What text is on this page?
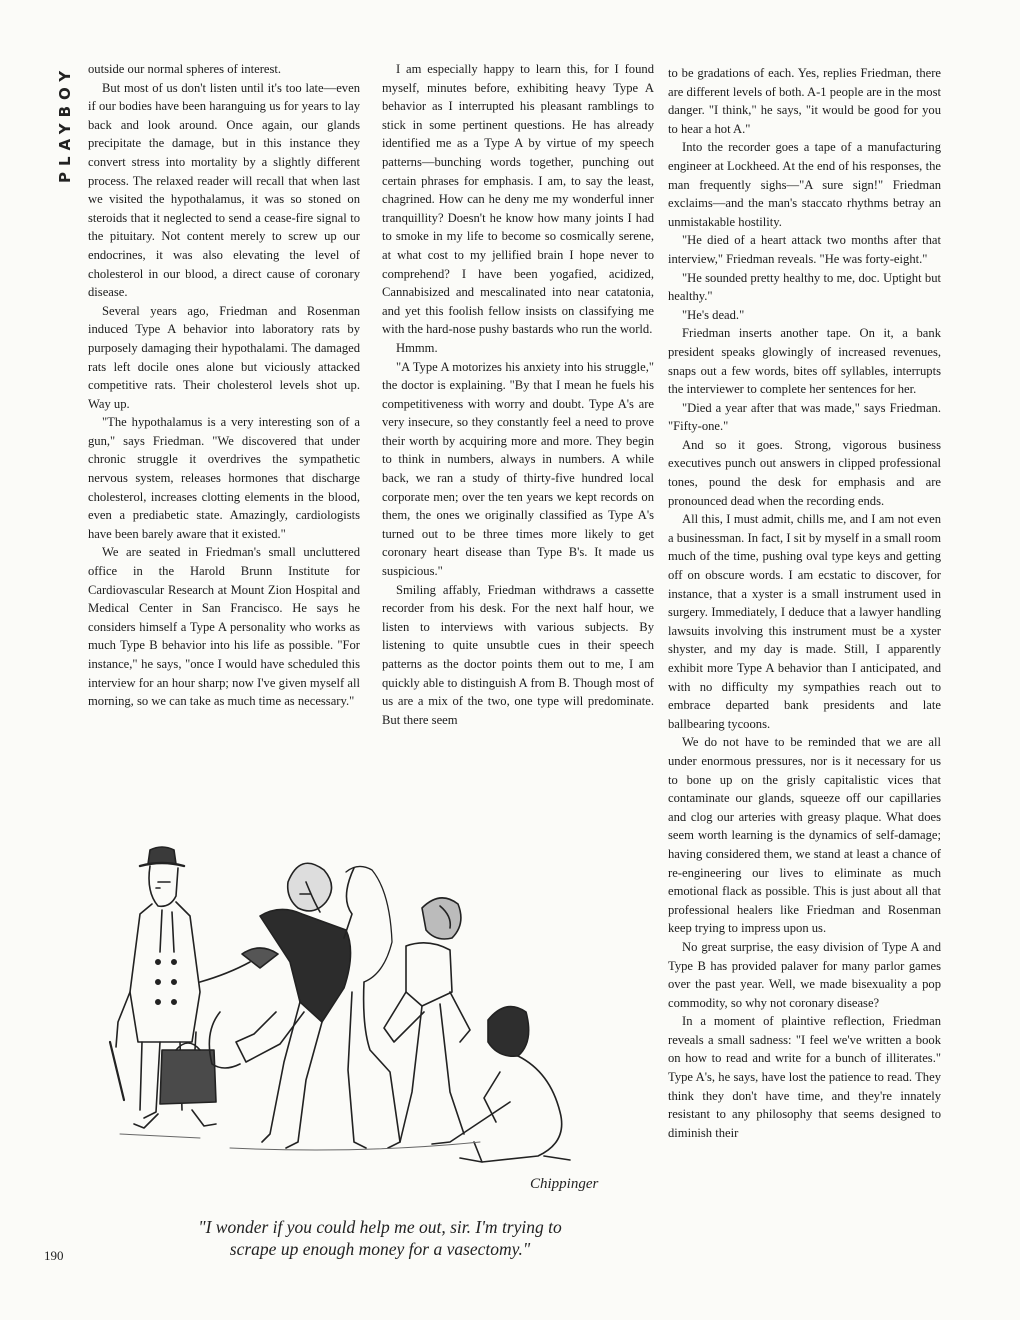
PLAYBOY outside our normal spheres of interest.

But most of us don't listen until it's too late—even if our bodies have been haranguing us for years to lay back and look around. Once again, our glands precipitate the damage, but in this instance they convert stress into mortality by a slightly different process. The relaxed reader will recall that when last we visited the hypothalamus, it was so stoned on steroids that it neglected to send a cease-fire signal to the pituitary. Not content merely to screw up our endocrines, it was also elevating the level of cholesterol in our blood, a direct cause of coronary disease.

Several years ago, Friedman and Rosenman induced Type A behavior into laboratory rats by purposely damaging their hypothalami. The damaged rats left docile ones alone but viciously attacked competitive rats. Their cholesterol levels shot up. Way up.

"The hypothalamus is a very interesting son of a gun," says Friedman. "We discovered that under chronic struggle it overdrives the sympathetic nervous system, releases hormones that discharge cholesterol, increases clotting elements in the blood, even a prediabetic state. Amazingly, cardiologists have been barely aware that it existed."

We are seated in Friedman's small uncluttered office in the Harold Brunn Institute for Cardiovascular Research at Mount Zion Hospital and Medical Center in San Francisco. He says he considers himself a Type A personality who works as much Type B behavior into his life as possible. "For instance," he says, "once I would have scheduled this interview for an hour sharp; now I've given myself all morning, so we can take as much time as necessary."

I am especially happy to learn this, for I found myself, minutes before, exhibiting heavy Type A behavior as I interrupted his pleasant ramblings to stick in some pertinent questions. He has already identified me as a Type A by virtue of my speech patterns—bunching words together, punching out certain phrases for emphasis. I am, to say the least, chagrined. How can he deny me my wonderful inner tranquillity? Doesn't he know how many joints I had to smoke in my life to become so cosmically serene, at what cost to my jellified brain I hope never to comprehend? I have been yogafied, acidized, Cannabisized and mescalinated into near catatonia, and yet this foolish fellow insists on classifying me with the hard-nose pushy bastards who run the world.

Hmmm.

"A Type A motorizes his anxiety into his struggle," the doctor is explaining. "By that I mean he fuels his competitiveness with worry and doubt. Type A's are very insecure, so they constantly feel a need to prove their worth by acquiring more and more. They begin to think in numbers, always in numbers. A while back, we ran a study of thirty-five hundred local corporate men; over the ten years we kept records on them, the ones we originally classified as Type A's turned out to be three times more likely to get coronary heart disease than Type B's. It made us suspicious."

Smiling affably, Friedman withdraws a cassette recorder from his desk. For the next half hour, we listen to interviews with various subjects. By listening to quite unsubtle cues in their speech patterns as the doctor points them out to me, I am quickly able to distinguish A from B. Though most of us are a mix of the two, one type will predominate. But there seem

to be gradations of each. Yes, replies Friedman, there are different levels of both. A-1 people are in the most danger. "I think," he says, "it would be good for you to hear a hot A."

Into the recorder goes a tape of a manufacturing engineer at Lockheed. At the end of his responses, the man frequently sighs—"A sure sign!" Friedman exclaims—and the man's staccato rhythms betray an unmistakable hostility.

"He died of a heart attack two months after that interview," Friedman reveals. "He was forty-eight."

"He sounded pretty healthy to me, doc. Uptight but healthy."

"He's dead."

Friedman inserts another tape. On it, a bank president speaks glowingly of increased revenues, snaps out a few words, bites off syllables, interrupts the interviewer to complete her sentences for her.

"Died a year after that was made," says Friedman. "Fifty-one."

And so it goes. Strong, vigorous business executives punch out answers in clipped professional tones, pound the desk for emphasis and are pronounced dead when the recording ends.

All this, I must admit, chills me, and I am not even a businessman. In fact, I sit by myself in a small room much of the time, pushing oval type keys and getting off on obscure words. I am ecstatic to discover, for instance, that a xyster is a small instrument used in surgery. Immediately, I deduce that a lawyer handling lawsuits involving this instrument must be a xyster shyster, and my day is made. Still, I apparently exhibit more Type A behavior than I anticipated, and with no difficulty my sympathies reach out to embrace departed bank presidents and late ballbearing tycoons.

We do not have to be reminded that we are all under enormous pressures, nor is it necessary for us to bone up on the grisly capitalistic vices that contaminate our glands, squeeze off our capillaries and clog our arteries with greasy plaque. What does seem worth learning is the dynamics of self-damage; having considered them, we stand at least a chance of re-engineering our lives to eliminate as much emotional flack as possible. This is just about all that professional healers like Friedman and Rosenman keep trying to impress upon us.

No great surprise, the easy division of Type A and Type B has provided palaver for many parlor games over the past year. Well, we made bisexuality a pop commodity, so why not coronary disease?

In a moment of plaintive reflection, Friedman reveals a small sadness: "I feel we've written a book on how to read and write for a bunch of illiterates." Type A's, he says, have lost the patience to read. They think they don't have time, and they're innately resistant to any philosophy that seems designed to diminish their

Chippinger
"I wonder if you could help me out, sir. I'm trying to
scrape up enough money for a vasectomy."
190
